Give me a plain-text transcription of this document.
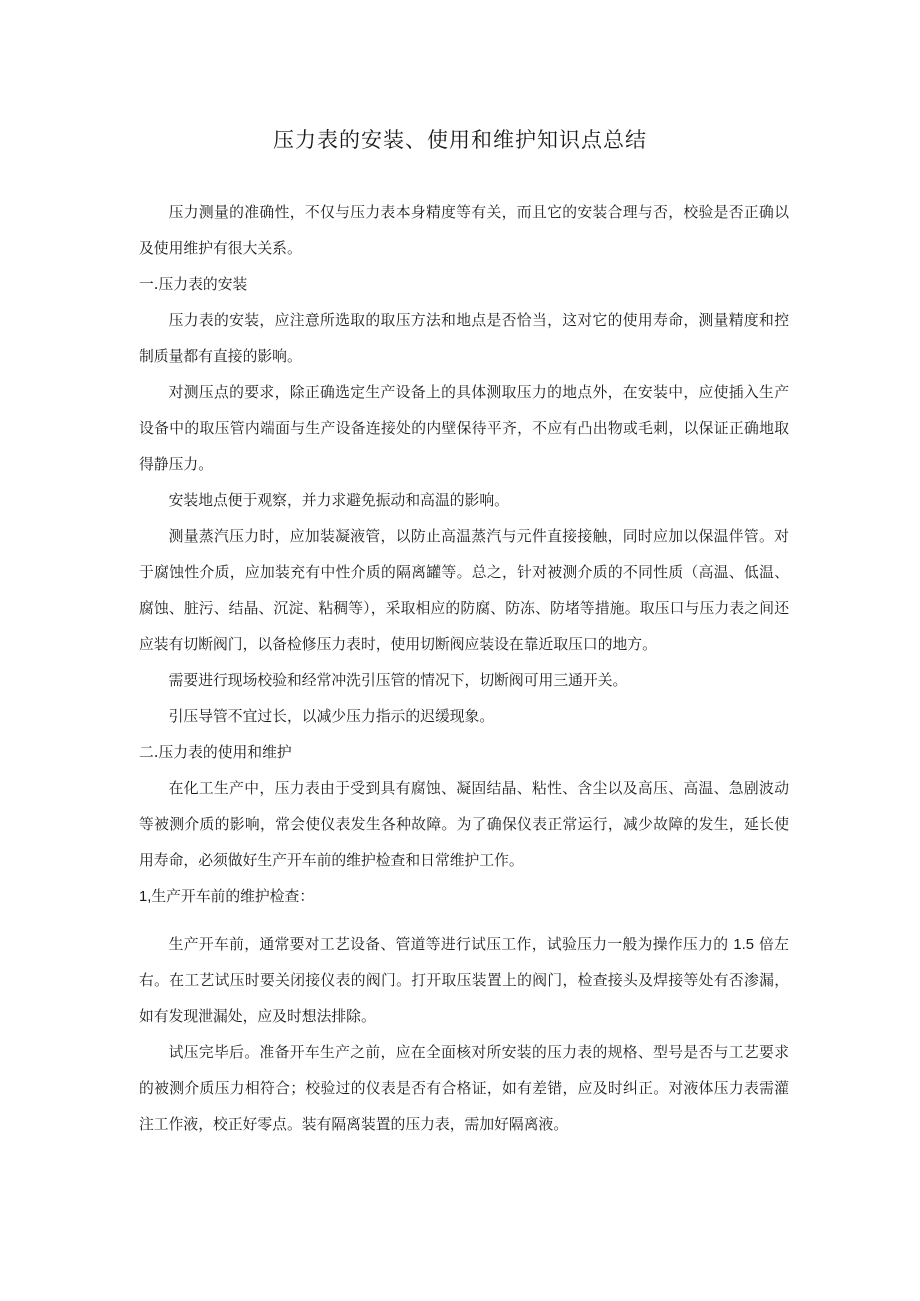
压力表的安装、使用和维护知识点总结

压力测量的准确性，不仅与压力表本身精度等有关，而且它的安装合理与否，校验是否正确以及使用维护有很大关系。

一.压力表的安装

压力表的安装，应注意所选取的取压方法和地点是否恰当，这对它的使用寿命，测量精度和控制质量都有直接的影响。

对测压点的要求，除正确选定生产设备上的具体测取压力的地点外，在安装中，应使插入生产设备中的取压管内端面与生产设备连接处的内壁保待平齐，不应有凸出物或毛刺，以保证正确地取得静压力。

安装地点便于观察，并力求避免振动和高温的影响。

测量蒸汽压力时，应加装凝液管，以防止高温蒸汽与元件直接接触，同时应加以保温伴管。对于腐蚀性介质，应加装充有中性介质的隔离罐等。总之，针对被测介质的不同性质（高温、低温、腐蚀、脏污、结晶、沉淀、粘稠等），采取相应的防腐、防冻、防堵等措施。取压口与压力表之间还应装有切断阀门，以备检修压力表时，使用切断阀应装设在靠近取压口的地方。

需要进行现场校验和经常冲洗引压管的情况下，切断阀可用三通开关。

引压导管不宜过长，以减少压力指示的迟缓现象。

二.压力表的使用和维护

在化工生产中，压力表由于受到具有腐蚀、凝固结晶、粘性、含尘以及高压、高温、急剧波动等被测介质的影响，常会使仪表发生各种故障。为了确保仪表正常运行，减少故障的发生，延长使用寿命，必须做好生产开车前的维护检查和日常维护工作。

1,生产开车前的维护检查：

生产开车前，通常要对工艺设备、管道等进行试压工作，试验压力一般为操作压力的 1.5 倍左右。在工艺试压时要关闭接仪表的阀门。打开取压装置上的阀门，检查接头及焊接等处有否渗漏，如有发现泄漏处，应及时想法排除。

试压完毕后。准备开车生产之前，应在全面核对所安装的压力表的规格、型号是否与工艺要求的被测介质压力相符合；校验过的仪表是否有合格证，如有差错，应及时纠正。对液体压力表需灌注工作液，校正好零点。装有隔离装置的压力表，需加好隔离液。
